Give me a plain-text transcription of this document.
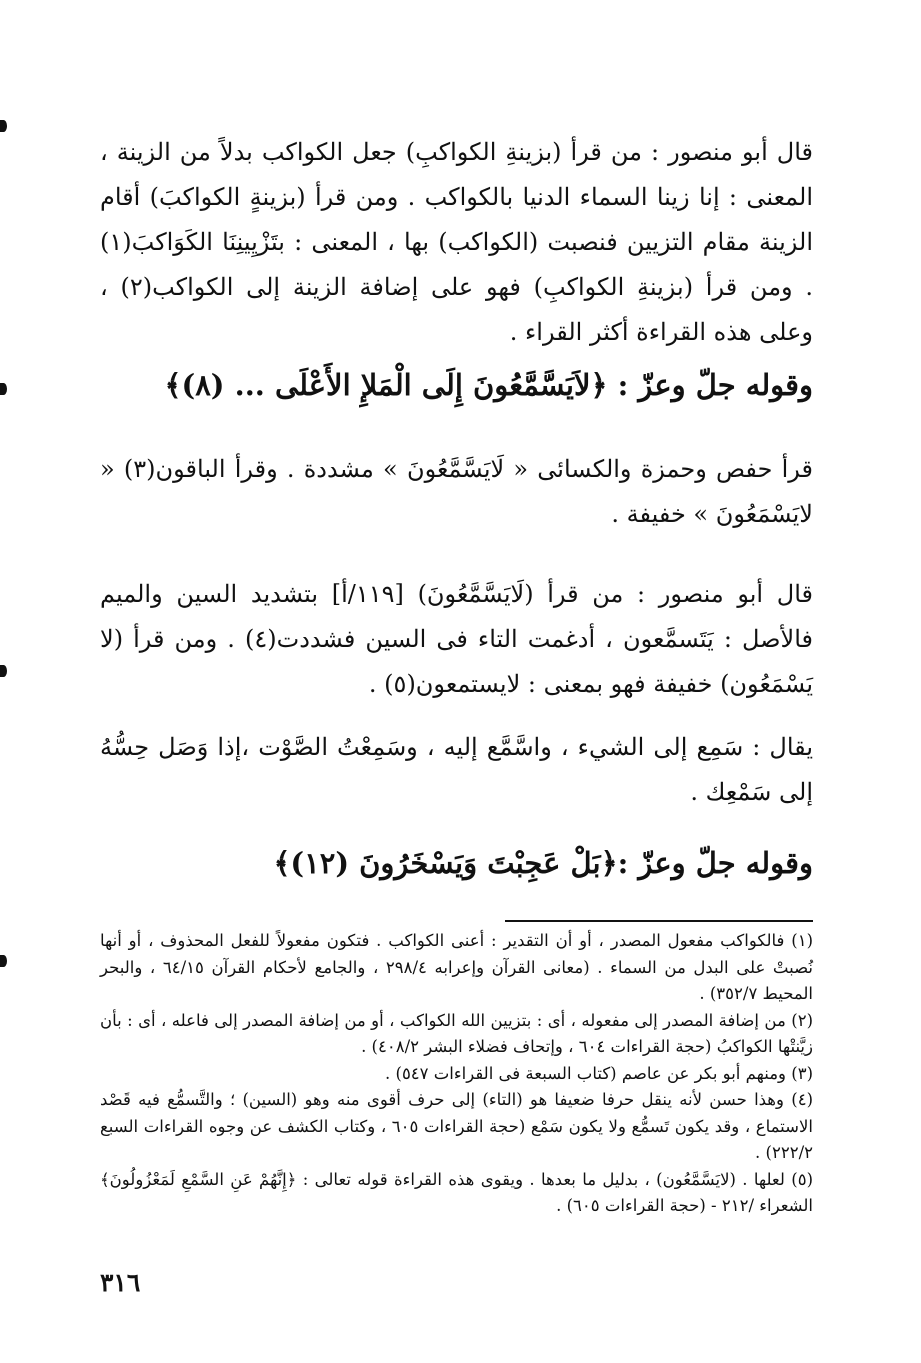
قال أبو منصور : من قرأ (بزينةِ الكواكبِ) جعل الكواكب بدلاً من الزينة ، المعنى : إنا زينا السماء الدنيا بالكواكب . ومن قرأ (بزينةٍ الكواكبَ) أقام الزينة مقام التزيين فنصبت (الكواكب) بها ، المعنى : بتَزْيِينِنَا الكَوَاكبَ(١) . ومن قرأ (بزينةِ الكواكبِ) فهو على إضافة الزينة إلى الكواكب(٢) ، وعلى هذه القراءة أكثر القراء .

وقوله جلّ وعزّ : ﴿لاَيَسَّمَّعُونَ إِلَى الْمَلإِ الأَعْلَى ... (٨)﴾

قرأ حفص وحمزة والكسائى « لَايَسَّمَّعُونَ » مشددة . وقرأ الباقون(٣) « لايَسْمَعُونَ » خفيفة .

قال أبو منصور : من قرأ (لَايَسَّمَّعُونَ) [١١٩/أ] بتشديد السين والميم فالأصل : يَتَسمَّعون ، أدغمت التاء فى السين فشددت(٤) . ومن قرأ (لا يَسْمَعُون) خفيفة فهو بمعنى : لايستمعون(٥) .

يقال : سَمِع إلى الشيء ، واسَّمَّع إليه ، وسَمِعْتُ الصَّوْت ،إذا وَصَل حِسُّهُ إلى سَمْعِك .

وقوله جلّ وعزّ :﴿بَلْ عَجِبْتَ وَيَسْخَرُونَ (١٢)﴾

(١) فالكواكب مفعول المصدر ، أو أن التقدير : أعنى الكواكب . فتكون مفعولاً للفعل المحذوف ، أو أنها نُصبتْ على البدل من السماء . (معانى القرآن وإعرابه ٢٩٨/٤ ، والجامع لأحكام القرآن ٦٤/١٥ ، والبحر المحيط ٣٥٢/٧) .

(٢) من إضافة المصدر إلى مفعوله ، أى : بتزيين الله الكواكب ، أو من إضافة المصدر إلى فاعله ، أى : بأن زيَّنتْها الكواكبُ (حجة القراءات ٦٠٤ ، وإتحاف فضلاء البشر ٤٠٨/٢) .

(٣) ومنهم أبو بكر عن عاصم (كتاب السبعة فى القراءات ٥٤٧) .

(٤) وهذا حسن لأنه ينقل حرفا ضعيفا هو (التاء) إلى حرف أقوى منه وهو (السين) ؛ والتَّسمُّع فيه قَصْد الاستماع ، وقد يكون تَسمُّع ولا يكون سَمْع (حجة القراءات ٦٠٥ ، وكتاب الكشف عن وجوه القراءات السبع ٢٢٢/٢) .

(٥) لعلها . (لايَسَّمَّعُون) ، بدليل ما بعدها . ويقوى هذه القراءة قوله تعالى : ﴿إِنَّهُمْ عَنِ السَّمْعِ لَمَعْزُولُونَ﴾ الشعراء /٢١٢ - (حجة القراءات ٦٠٥) .

٣١٦
